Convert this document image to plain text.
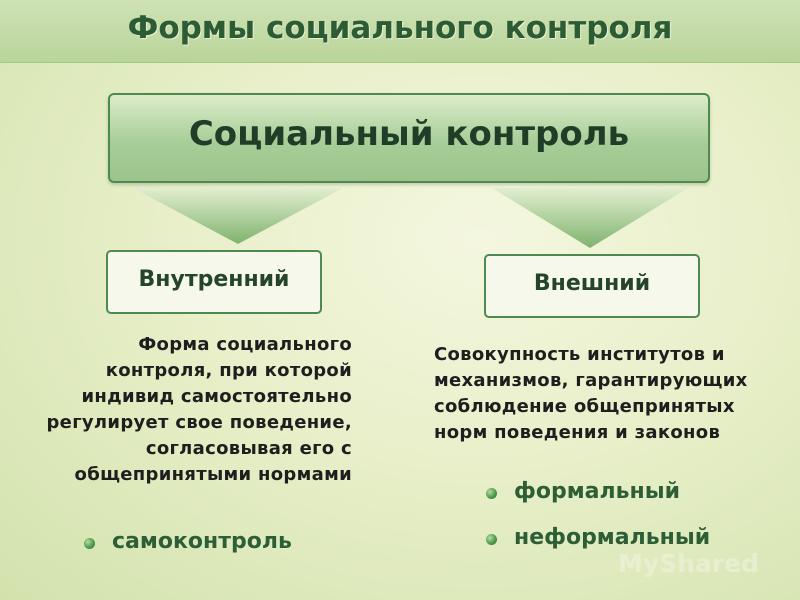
Формы социального контроля
Социальный контроль
Внутренний	Внешний
Форма социального
контроля, при которой
индивид самостоятельно
регулирует свое поведение,
согласовывая его с
общепринятыми нормами
Совокупность институтов и
механизмов, гарантирующих
соблюдение общепринятых
норм поведения и законов
самоконтроль
формальный
неформальный
MyShared
